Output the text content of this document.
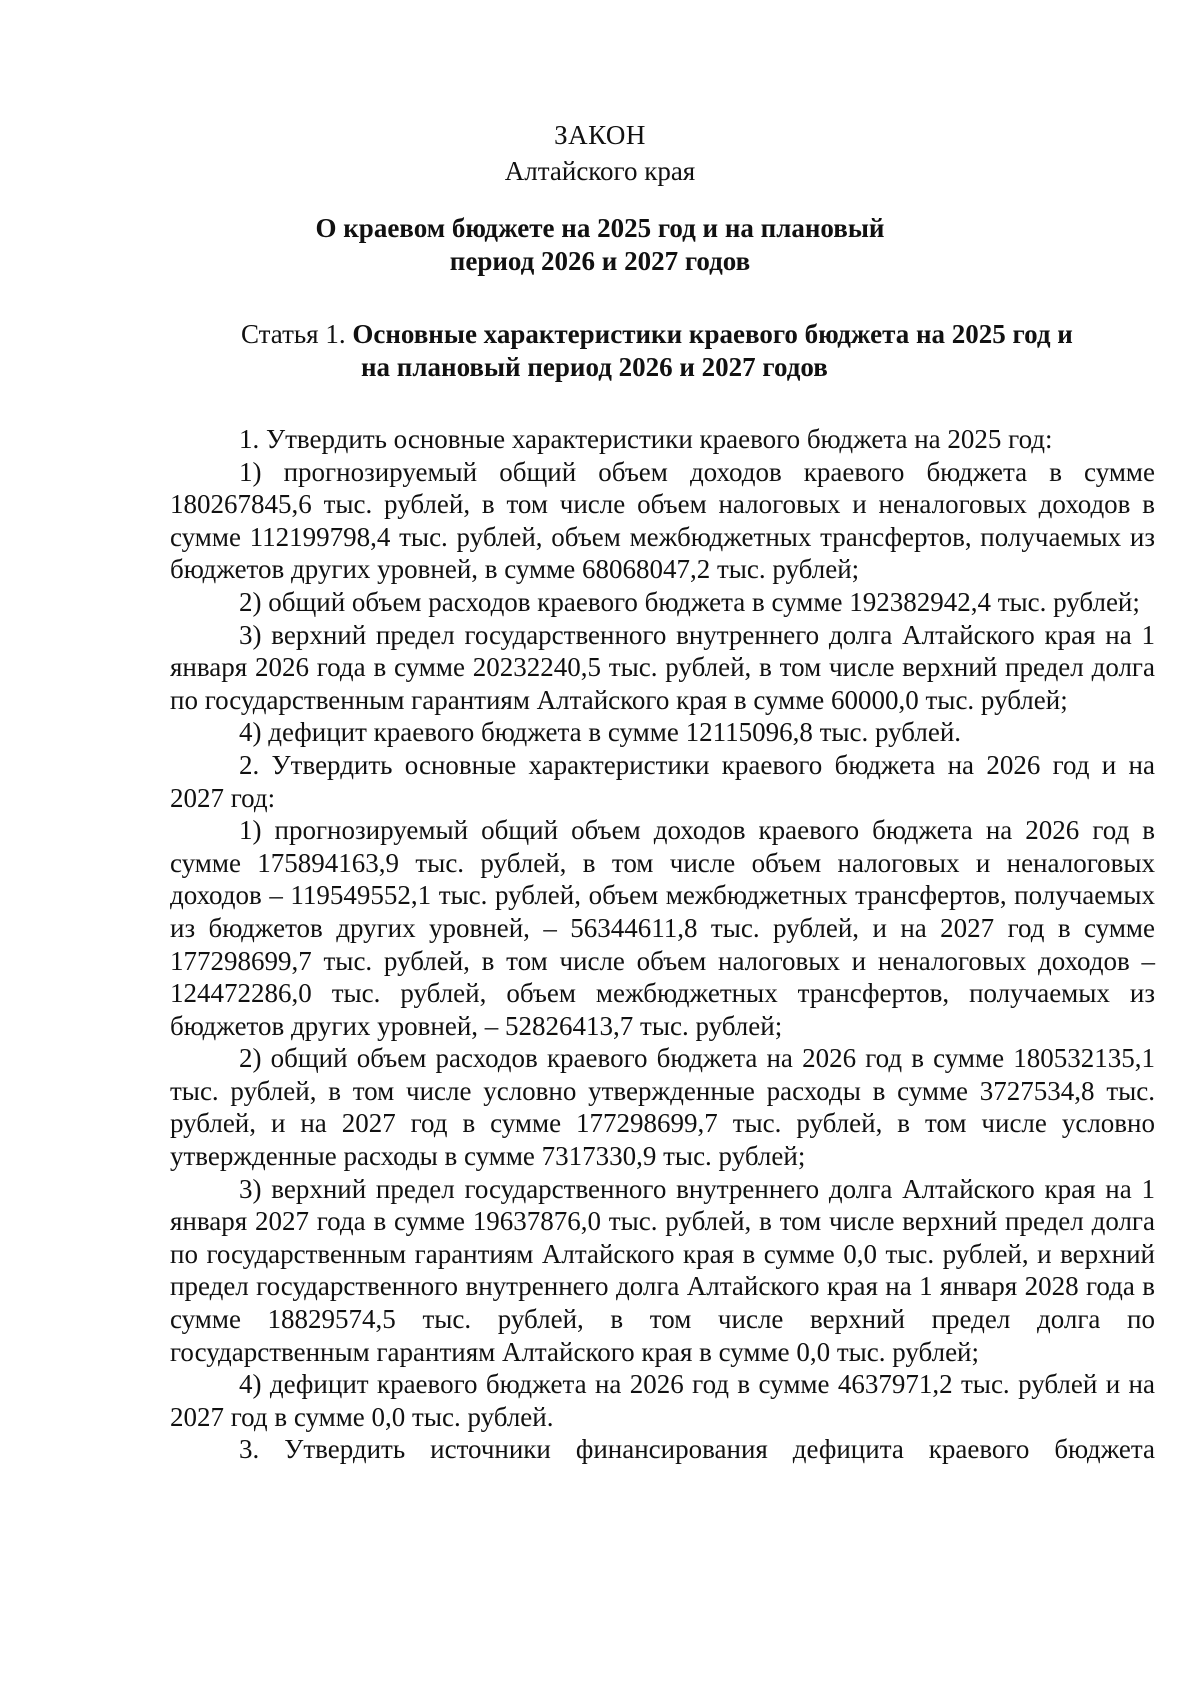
ЗАКОН
Алтайского края
О краевом бюджете на 2025 год и на плановый
период 2026 и 2027 годов
Статья 1. Основные характеристики краевого бюджета на 2025 год и
на плановый период 2026 и 2027 годов

1. Утвердить основные характеристики краевого бюджета на 2025 год:

1) прогнозируемый общий объем доходов краевого бюджета в сумме 180267845,6 тыс. рублей, в том числе объем налоговых и неналоговых доходов в сумме 112199798,4 тыс. рублей, объем межбюджетных трансфертов, получаемых из бюджетов других уровней, в сумме 68068047,2 тыс. рублей;

2) общий объем расходов краевого бюджета в сумме 192382942,4 тыс. рублей;

3) верхний предел государственного внутреннего долга Алтайского края на 1 января 2026 года в сумме 20232240,5 тыс. рублей, в том числе верхний предел долга по государственным гарантиям Алтайского края в сумме 60000,0 тыс. рублей;

4) дефицит краевого бюджета в сумме 12115096,8 тыс. рублей.

2. Утвердить основные характеристики краевого бюджета на 2026 год и на 2027 год:

1) прогнозируемый общий объем доходов краевого бюджета на 2026 год в сумме 175894163,9 тыс. рублей, в том числе объем налоговых и неналоговых доходов – 119549552,1 тыс. рублей, объем межбюджетных трансфертов, получаемых из бюджетов других уровней, – 56344611,8 тыс. рублей, и на 2027 год в сумме 177298699,7 тыс. рублей, в том числе объем налоговых и неналоговых доходов – 124472286,0 тыс. рублей, объем межбюджетных трансфертов, получаемых из бюджетов других уровней, – 52826413,7 тыс. рублей;

2) общий объем расходов краевого бюджета на 2026 год в сумме 180532135,1 тыс. рублей, в том числе условно утвержденные расходы в сумме 3727534,8 тыс. рублей, и на 2027 год в сумме 177298699,7 тыс. рублей, в том числе условно утвержденные расходы в сумме 7317330,9 тыс. рублей;

3) верхний предел государственного внутреннего долга Алтайского края на 1 января 2027 года в сумме 19637876,0 тыс. рублей, в том числе верхний предел долга по государственным гарантиям Алтайского края в сумме 0,0 тыс. рублей, и верхний предел государственного внутреннего долга Алтайского края на 1 января 2028 года в сумме 18829574,5 тыс. рублей, в том числе верхний предел долга по государственным гарантиям Алтайского края в сумме 0,0 тыс. рублей;

4) дефицит краевого бюджета на 2026 год в сумме 4637971,2 тыс. рублей и на 2027 год в сумме 0,0 тыс. рублей.

3. Утвердить источники финансирования дефицита краевого бюджета
